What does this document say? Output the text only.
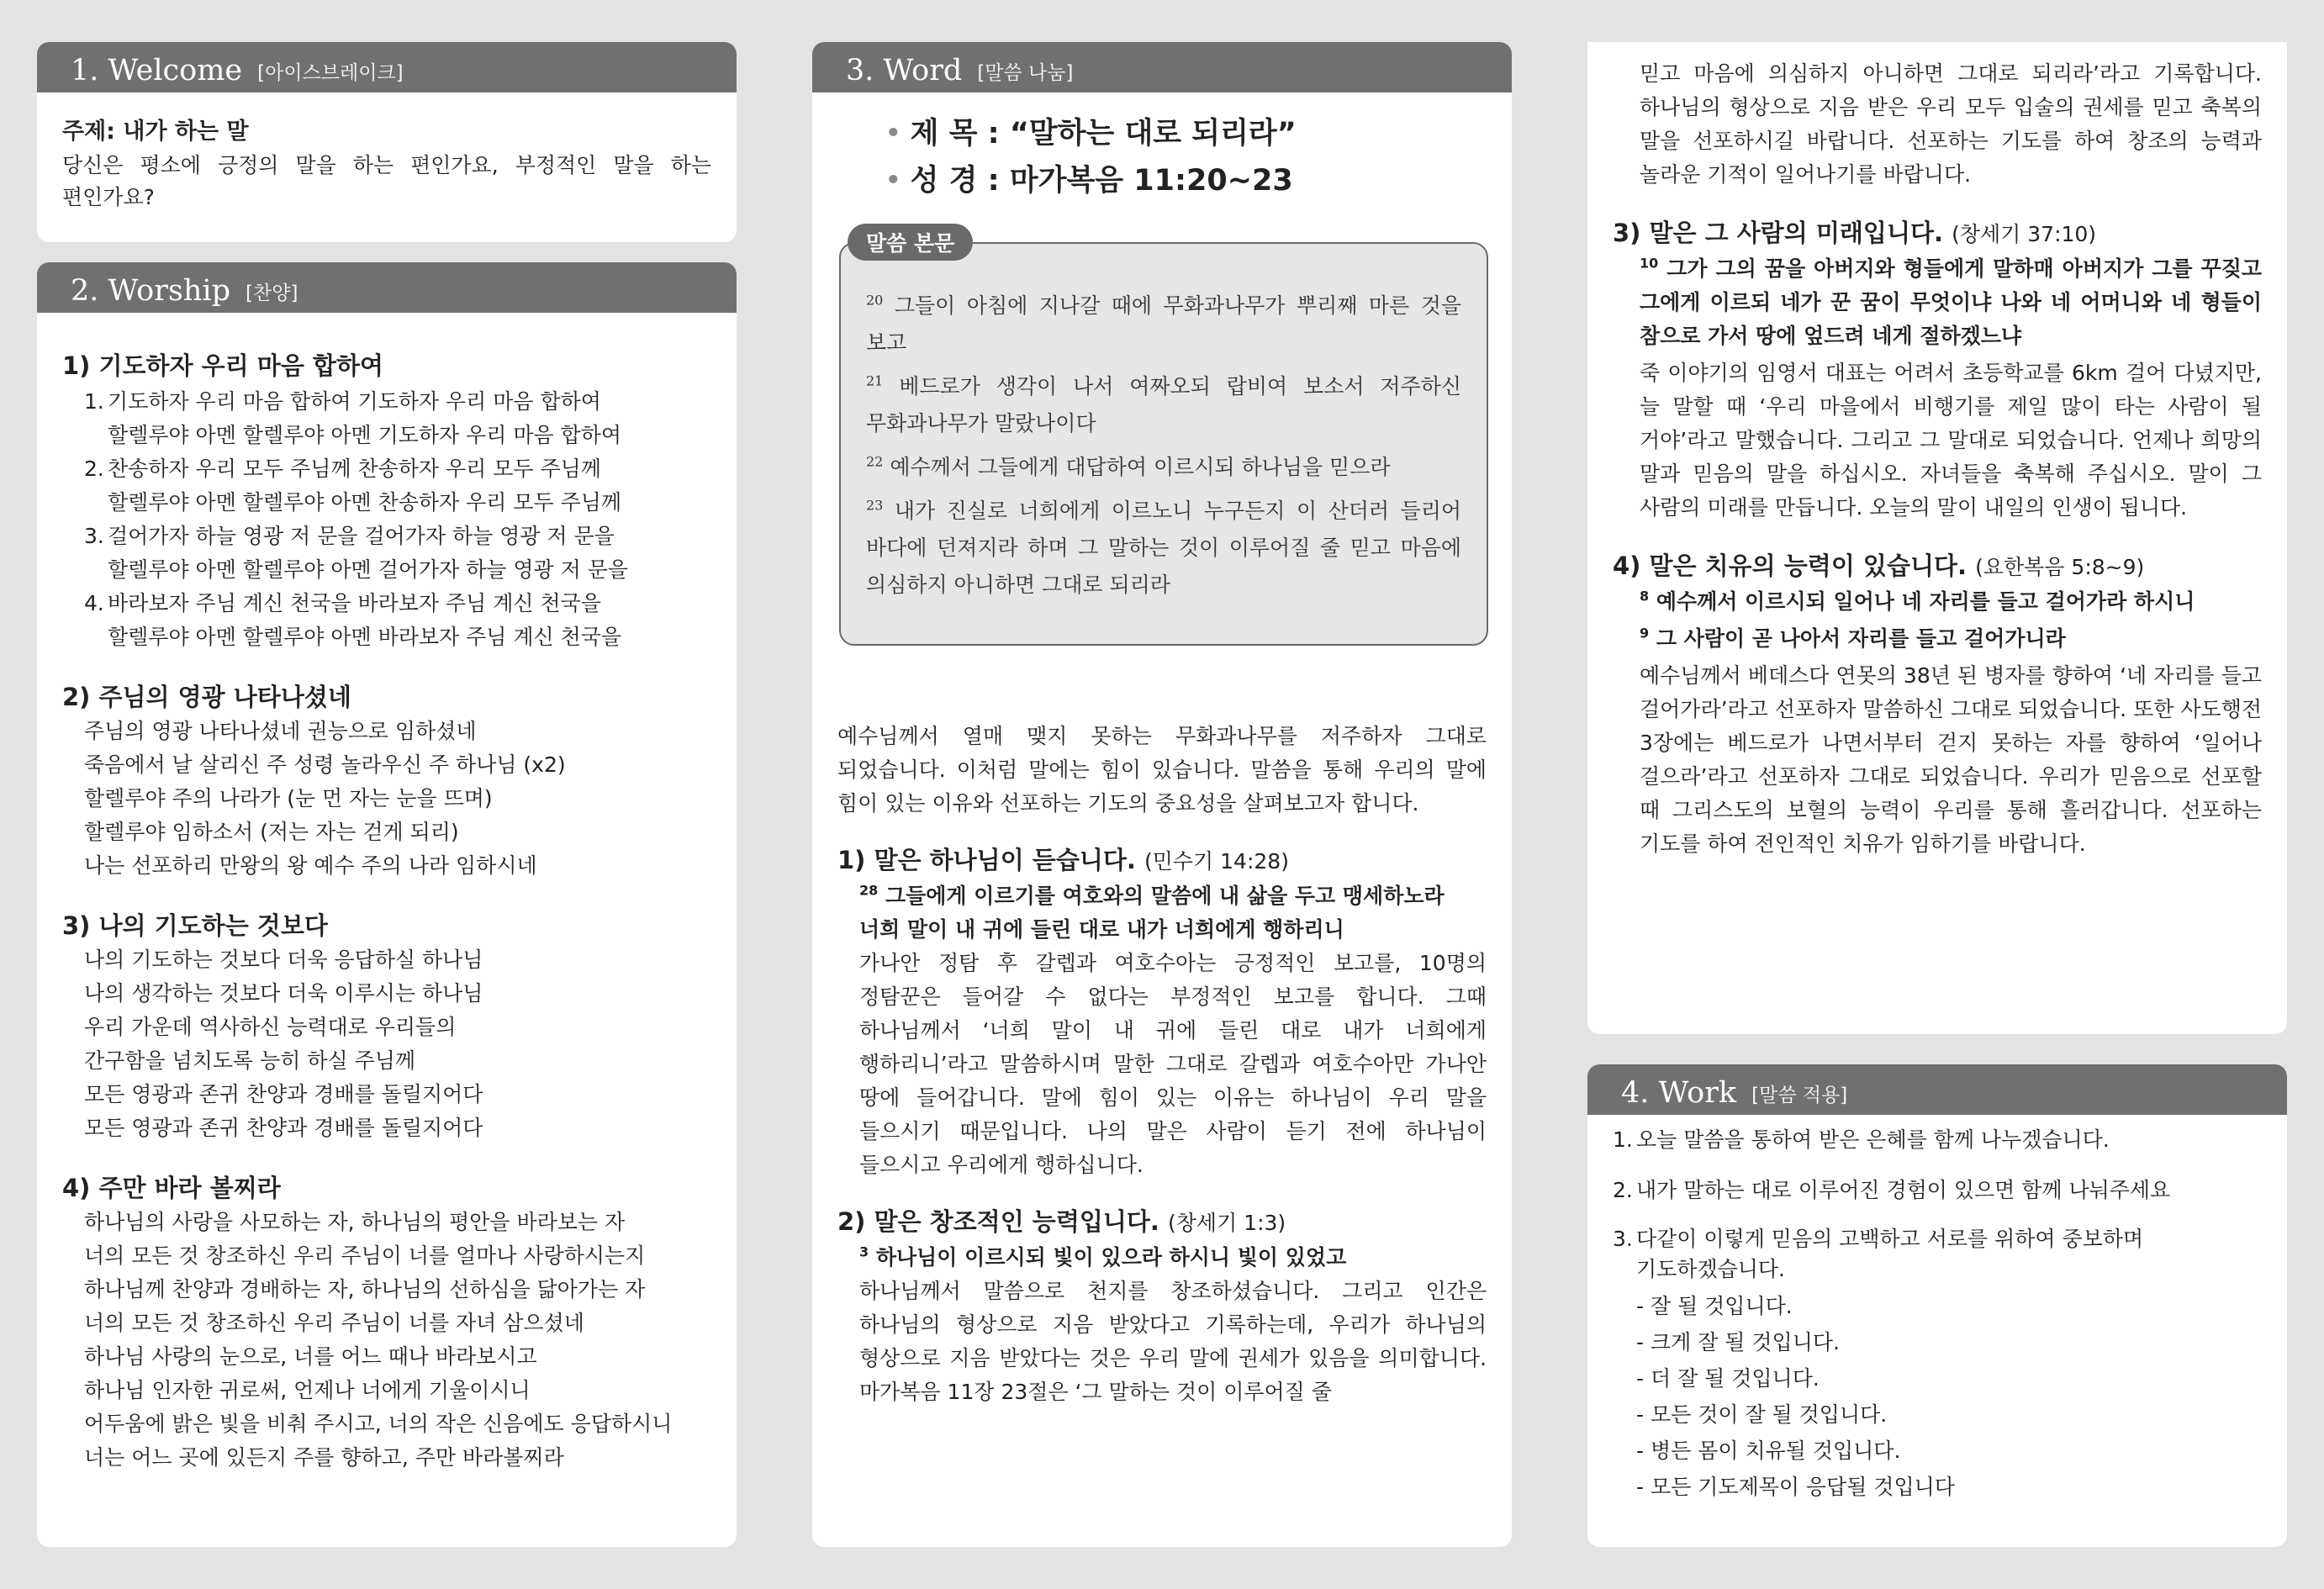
1. Welcome [아이스브레이크]
주제: 내가 하는 말
당신은 평소에 긍정의 말을 하는 편인가요, 부정적인 말을 하는 편인가요?
2. Worship [찬양]
1) 기도하자 우리 마음 합하여
1. 기도하자 우리 마음 합하여 기도하자 우리 마음 합하여
할렐루야 아멘 할렐루야 아멘 기도하자 우리 마음 합하여
2. 찬송하자 우리 모두 주님께 찬송하자 우리 모두 주님께
할렐루야 아멘 할렐루야 아멘 찬송하자 우리 모두 주님께
3. 걸어가자 하늘 영광 저 문을 걸어가자 하늘 영광 저 문을
할렐루야 아멘 할렐루야 아멘 걸어가자 하늘 영광 저 문을
4. 바라보자 주님 계신 천국을 바라보자 주님 계신 천국을
할렐루야 아멘 할렐루야 아멘 바라보자 주님 계신 천국을
2) 주님의 영광 나타나셨네
주님의 영광 나타나셨네 권능으로 임하셨네
죽음에서 날 살리신 주 성령 놀라우신 주 하나님 (x2)
할렐루야 주의 나라가 (눈 먼 자는 눈을 뜨며)
할렐루야 임하소서 (저는 자는 걷게 되리)
나는 선포하리 만왕의 왕 예수 주의 나라 임하시네
3) 나의 기도하는 것보다
나의 기도하는 것보다 더욱 응답하실 하나님
나의 생각하는 것보다 더욱 이루시는 하나님
우리 가운데 역사하신 능력대로 우리들의
간구함을 넘치도록 능히 하실 주님께
모든 영광과 존귀 찬양과 경배를 돌릴지어다
모든 영광과 존귀 찬양과 경배를 돌릴지어다
4) 주만 바라 볼찌라
하나님의 사랑을 사모하는 자, 하나님의 평안을 바라보는 자
너의 모든 것 창조하신 우리 주님이 너를 얼마나 사랑하시는지
하나님께 찬양과 경배하는 자, 하나님의 선하심을 닮아가는 자
너의 모든 것 창조하신 우리 주님이 너를 자녀 삼으셨네
하나님 사랑의 눈으로, 너를 어느 때나 바라보시고
하나님 인자한 귀로써, 언제나 너에게 기울이시니
어두움에 밝은 빛을 비춰 주시고, 너의 작은 신음에도 응답하시니
너는 어느 곳에 있든지 주를 향하고, 주만 바라볼찌라
3. Word [말씀 나눔]
• 제 목 : “말하는 대로 되리라”
• 성 경 : 마가복음 11:20~23

$^{20}$ 그들이 아침에 지나갈 때에 무화과나무가 뿌리째 마른 것을 보고

$^{21}$ 베드로가 생각이 나서 여짜오되 랍비여 보소서 저주하신 무화과나무가 말랐나이다

$^{22}$ 예수께서 그들에게 대답하여 이르시되 하나님을 믿으라

$^{23}$ 내가 진실로 너희에게 이르노니 누구든지 이 산더러 들리어 바다에 던져지라 하며 그 말하는 것이 이루어질 줄 믿고 마음에 의심하지 아니하면 그대로 되리라

말씀 본문
예수님께서 열매 맺지 못하는 무화과나무를 저주하자 그대로 되었습니다. 이처럼 말에는 힘이 있습니다. 말씀을 통해 우리의 말에 힘이 있는 이유와 선포하는 기도의 중요성을 살펴보고자 합니다.
1) 말은 하나님이 듣습니다. (민수기 14:28)
$^{28}$ 그들에게 이르기를 여호와의 말씀에 내 삶을 두고 맹세하노라 너희 말이 내 귀에 들린 대로 내가 너희에게 행하리니
가나안 정탐 후 갈렙과 여호수아는 긍정적인 보고를, 10명의 정탐꾼은 들어갈 수 없다는 부정적인 보고를 합니다. 그때 하나님께서 ‘너희 말이 내 귀에 들린 대로 내가 너희에게 행하리니’라고 말씀하시며 말한 그대로 갈렙과 여호수아만 가나안 땅에 들어갑니다. 말에 힘이 있는 이유는 하나님이 우리 말을 들으시기 때문입니다. 나의 말은 사람이 듣기 전에 하나님이 들으시고 우리에게 행하십니다.
2) 말은 창조적인 능력입니다. (창세기 1:3)
$^3$ 하나님이 이르시되 빛이 있으라 하시니 빛이 있었고
하나님께서 말씀으로 천지를 창조하셨습니다. 그리고 인간은 하나님의 형상으로 지음 받았다고 기록하는데, 우리가 하나님의 형상으로 지음 받았다는 것은 우리 말에 권세가 있음을 의미합니다. 마가복음 11장 23절은 ‘그 말하는 것이 이루어질 줄
믿고 마음에 의심하지 아니하면 그대로 되리라’라고 기록합니다. 하나님의 형상으로 지음 받은 우리 모두 입술의 권세를 믿고 축복의 말을 선포하시길 바랍니다. 선포하는 기도를 하여 창조의 능력과 놀라운 기적이 일어나기를 바랍니다.
3) 말은 그 사람의 미래입니다. (창세기 37:10)
$^{10}$ 그가 그의 꿈을 아버지와 형들에게 말하매 아버지가 그를 꾸짖고 그에게 이르되 네가 꾼 꿈이 무엇이냐 나와 네 어머니와 네 형들이 참으로 가서 땅에 엎드려 네게 절하겠느냐
죽 이야기의 임영서 대표는 어려서 초등학교를 6km 걸어 다녔지만, 늘 말할 때 ‘우리 마을에서 비행기를 제일 많이 타는 사람이 될 거야’라고 말했습니다. 그리고 그 말대로 되었습니다. 언제나 희망의 말과 믿음의 말을 하십시오. 자녀들을 축복해 주십시오. 말이 그 사람의 미래를 만듭니다. 오늘의 말이 내일의 인생이 됩니다.
4) 말은 치유의 능력이 있습니다. (요한복음 5:8~9)
$^8$ 예수께서 이르시되 일어나 네 자리를 들고 걸어가라 하시니
$^9$ 그 사람이 곧 나아서 자리를 들고 걸어가니라
예수님께서 베데스다 연못의 38년 된 병자를 향하여 ‘네 자리를 들고 걸어가라’라고 선포하자 말씀하신 그대로 되었습니다. 또한 사도행전 3장에는 베드로가 나면서부터 걷지 못하는 자를 향하여 ‘일어나 걸으라’라고 선포하자 그대로 되었습니다. 우리가 믿음으로 선포할 때 그리스도의 보혈의 능력이 우리를 통해 흘러갑니다. 선포하는 기도를 하여 전인적인 치유가 임하기를 바랍니다.
4. Work [말씀 적용]
1. 오늘 말씀을 통하여 받은 은혜를 함께 나누겠습니다.
2. 내가 말하는 대로 이루어진 경험이 있으면 함께 나눠주세요
3. 다같이 이렇게 믿음의 고백하고 서로를 위하여 중보하며 기도하겠습니다.
- 잘 될 것입니다.
- 크게 잘 될 것입니다.
- 더 잘 될 것입니다.
- 모든 것이 잘 될 것입니다.
- 병든 몸이 치유될 것입니다.
- 모든 기도제목이 응답될 것입니다
